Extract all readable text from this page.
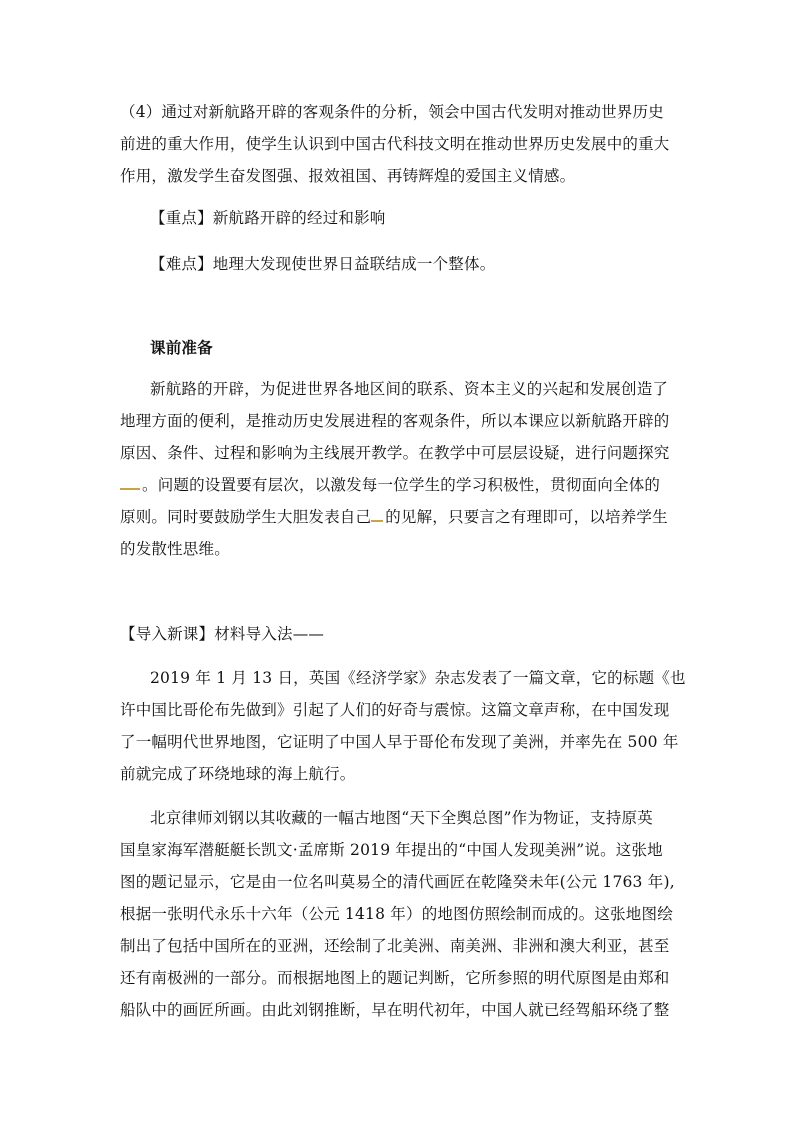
（4）通过对新航路开辟的客观条件的分析，领会中国古代发明对推动世界历史
前进的重大作用，使学生认识到中国古代科技文明在推动世界历史发展中的重大
作用，激发学生奋发图强、报效祖国、再铸辉煌的爱国主义情感。
【重点】新航路开辟的经过和影响
【难点】地理大发现使世界日益联结成一个整体。
课前准备
新航路的开辟，为促进世界各地区间的联系、资本主义的兴起和发展创造了
地理方面的便利，是推动历史发展进程的客观条件，所以本课应以新航路开辟的
原因、条件、过程和影响为主线展开教学。在教学中可层层设疑，进行问题探究
。问题的设置要有层次，以激发每一位学生的学习积极性，贯彻面向全体的
原则。同时要鼓励学生大胆发表自己 的见解，只要言之有理即可，以培养学生
的发散性思维。
【导入新课】材料导入法——
2019 年 1 月 13 日，英国《经济学家》杂志发表了一篇文章，它的标题《也
许中国比哥伦布先做到》引起了人们的好奇与震惊。这篇文章声称，在中国发现
了一幅明代世界地图，它证明了中国人早于哥伦布发现了美洲，并率先在 500 年
前就完成了环绕地球的海上航行。
北京律师刘钢以其收藏的一幅古地图“天下全舆总图”作为物证，支持原英
国皇家海军潜艇艇长凯文·孟席斯 2019 年提出的“中国人发现美洲”说。这张地
图的题记显示，它是由一位名叫莫易仝的清代画匠在乾隆癸未年(公元 1763 年),
根据一张明代永乐十六年（公元 1418 年）的地图仿照绘制而成的。这张地图绘
制出了包括中国所在的亚洲，还绘制了北美洲、南美洲、非洲和澳大利亚，甚至
还有南极洲的一部分。而根据地图上的题记判断，它所参照的明代原图是由郑和
船队中的画匠所画。由此刘钢推断，早在明代初年，中国人就已经驾船环绕了整
